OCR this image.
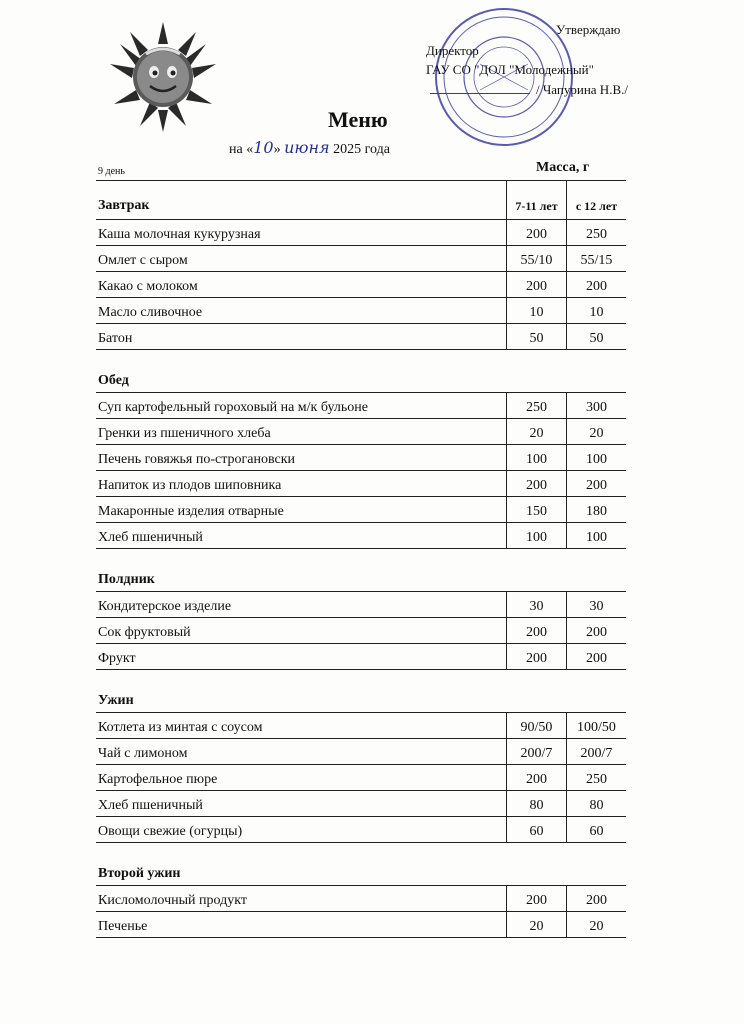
Утверждаю
Директор
ГАУ СО "ДОЛ "Молодежный"
/ Чапурина Н.В./
Меню
на «10» июня 2025 года
9 день	Масса, г
Завтрак	7-11 лет	с 12 лет
Каша молочная кукурузная	200	250
Омлет с сыром	55/10	55/15
Какао с молоком	200	200
Масло сливочное	10	10
Батон	50	50
Обед
Суп картофельный гороховый на м/к бульоне	250	300
Гренки из пшеничного хлеба	20	20
Печень говяжья по-строгановски	100	100
Напиток из плодов шиповника	200	200
Макаронные изделия отварные	150	180
Хлеб пшеничный	100	100
Полдник
Кондитерское изделие	30	30
Сок фруктовый	200	200
Фрукт	200	200
Ужин
Котлета из минтая с соусом	90/50	100/50
Чай с лимоном	200/7	200/7
Картофельное пюре	200	250
Хлеб пшеничный	80	80
Овощи свежие (огурцы)	60	60
Второй ужин
Кисломолочный продукт	200	200
Печенье	20	20
